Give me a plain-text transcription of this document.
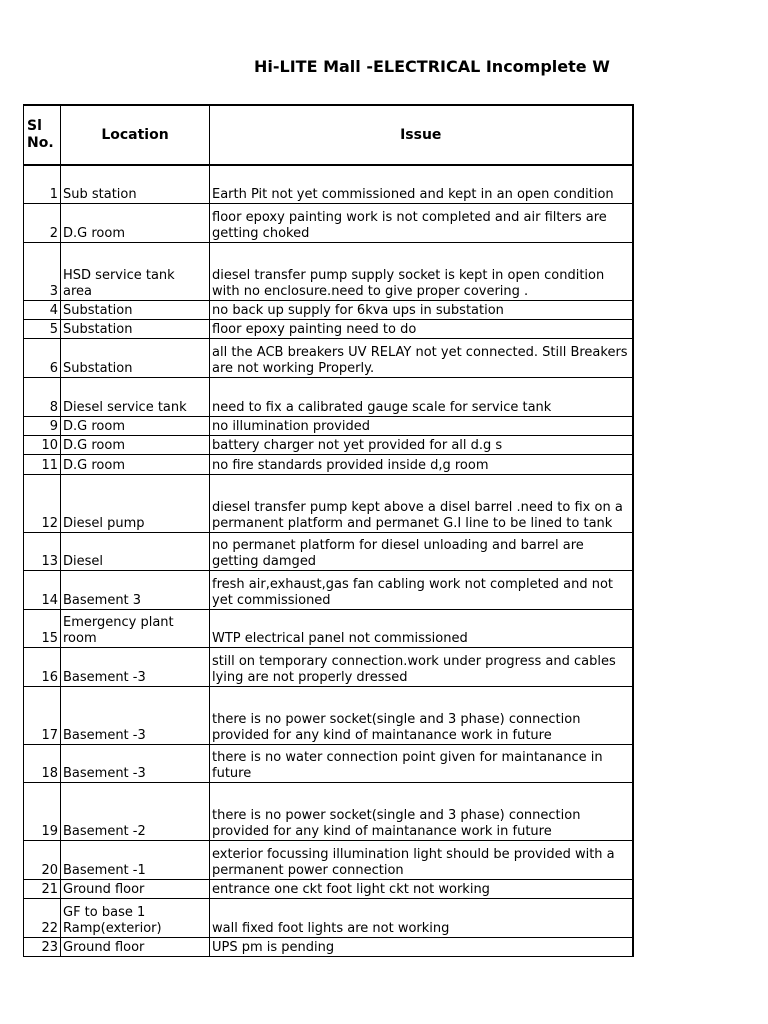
Hi-LITE Mall -ELECTRICAL Incomplete W
Sl
No.	Location	Issue
1	Sub station	Earth Pit not yet commissioned and kept in an open condition
2	D.G room	floor epoxy painting work is not completed and air filters are getting choked
3	HSD service tank area	diesel transfer pump supply socket is kept in open condition with no enclosure.need to give proper covering .
4	Substation	no back up supply for 6kva ups in substation
5	Substation	floor epoxy painting need to do
6	Substation	all the ACB breakers UV RELAY not yet connected. Still Breakers are not working Properly.
8	Diesel service tank	need to fix a calibrated gauge scale for service tank
9	D.G room	no illumination provided
10	D.G room	battery charger not yet provided for all d.g s
11	D.G room	no fire standards provided inside d,g room
12	Diesel pump	diesel transfer pump kept above a disel barrel .need to fix on a permanent platform and permanet G.I line to be lined to tank
13	Diesel	no permanet platform for diesel unloading and barrel are getting damged
14	Basement 3	fresh air,exhaust,gas fan cabling work not completed and not yet commissioned
15	Emergency plant room	WTP electrical panel not commissioned
16	Basement -3	still on temporary connection.work under progress and cables lying are not properly dressed
17	Basement -3	there is no power socket(single and 3 phase) connection provided for any kind of maintanance work in future
18	Basement -3	there is no water connection point given for maintanance in future
19	Basement -2	there is no power socket(single and 3 phase) connection provided for any kind of maintanance work in future
20	Basement -1	exterior focussing illumination light should be provided with a permanent power connection
21	Ground floor	entrance one ckt foot light ckt not working
22	GF to base 1 Ramp(exterior)	wall fixed foot lights are not working
23	Ground floor	UPS pm is pending
